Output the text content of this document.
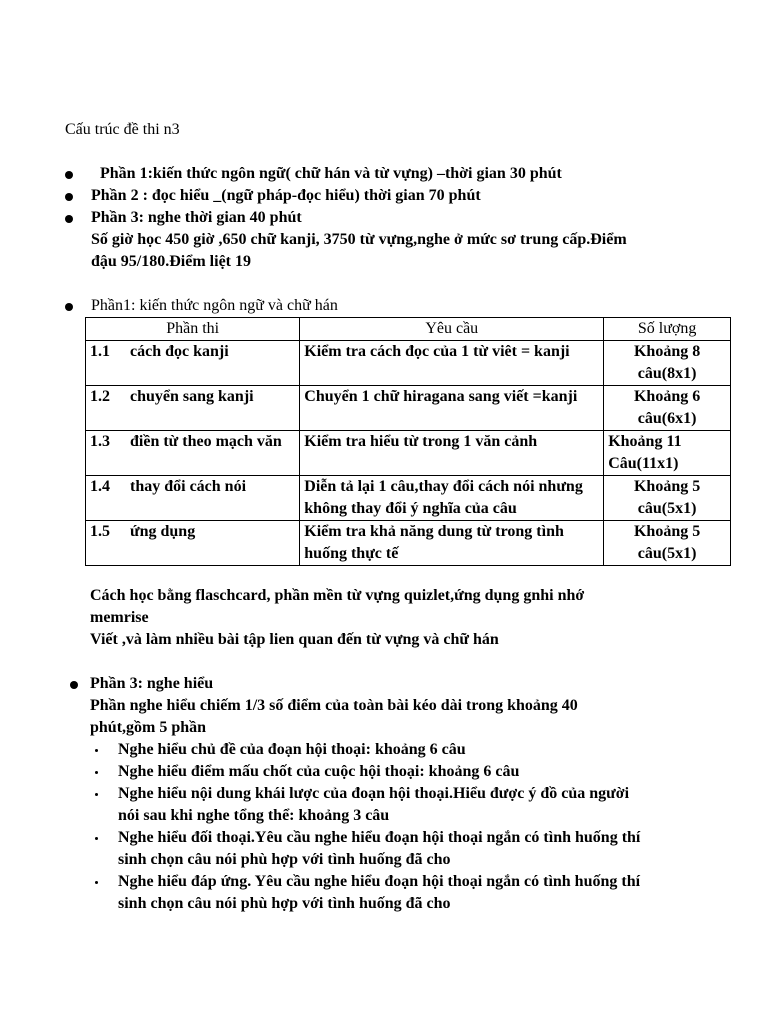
Cấu trúc đề thi n3
Phần 1:kiến thức ngôn ngữ( chữ hán và từ vựng) –thời gian 30 phút
Phần 2 : đọc hiểu _(ngữ pháp-đọc hiểu) thời gian 70 phút
Phần 3: nghe thời gian 40 phút
Số giờ học 450 giờ ,650 chữ kanji, 3750 từ vựng,nghe ở mức sơ trung cấp.Điểm
đậu 95/180.Điểm liệt 19
Phần1: kiến thức ngôn ngữ và chữ hán
Phần thi	Yêu cầu	Số lượng
1.1 cách đọc kanji	Kiểm tra cách đọc của 1 từ viêt = kanji	Khoảng 8 câu(8x1)
1.2 chuyển sang kanji	Chuyển 1 chữ hiragana sang viết =kanji	Khoảng 6 câu(6x1)
1.3 điền từ theo mạch văn	Kiểm tra hiểu từ trong 1 văn cảnh	Khoảng 11 Câu(11x1)
1.4 thay đổi cách nói	Diễn tả lại 1 câu,thay đổi cách nói nhưng không thay đổi ý nghĩa của câu	Khoảng 5 câu(5x1)
1.5 ứng dụng	Kiểm tra khả năng dung từ trong tình huống thực tế	Khoảng 5 câu(5x1)
Cách học bằng flaschcard, phần mền từ vựng quizlet,ứng dụng gnhi nhớ
memrise
Viết ,và làm nhiều bài tập lien quan đến từ vựng và chữ hán
Phần 3: nghe hiểu
Phần nghe hiểu chiếm 1/3 số điểm của toàn bài kéo dài trong khoảng 40
phút,gồm 5 phần
Nghe hiểu chủ đề của đoạn hội thoại: khoảng 6 câu
Nghe hiểu điểm mấu chốt của cuộc hội thoại: khoảng 6 câu
Nghe hiểu nội dung khái lược của đoạn hội thoại.Hiểu được ý đồ của người
nói sau khi nghe tổng thể: khoảng 3 câu
Nghe hiểu đối thoại.Yêu cầu nghe hiểu đoạn hội thoại ngắn có tình huống thí
sinh chọn câu nói phù hợp với tình huống đã cho
Nghe hiểu đáp ứng. Yêu cầu nghe hiểu đoạn hội thoại ngắn có tình huống thí
sinh chọn câu nói phù hợp với tình huống đã cho
